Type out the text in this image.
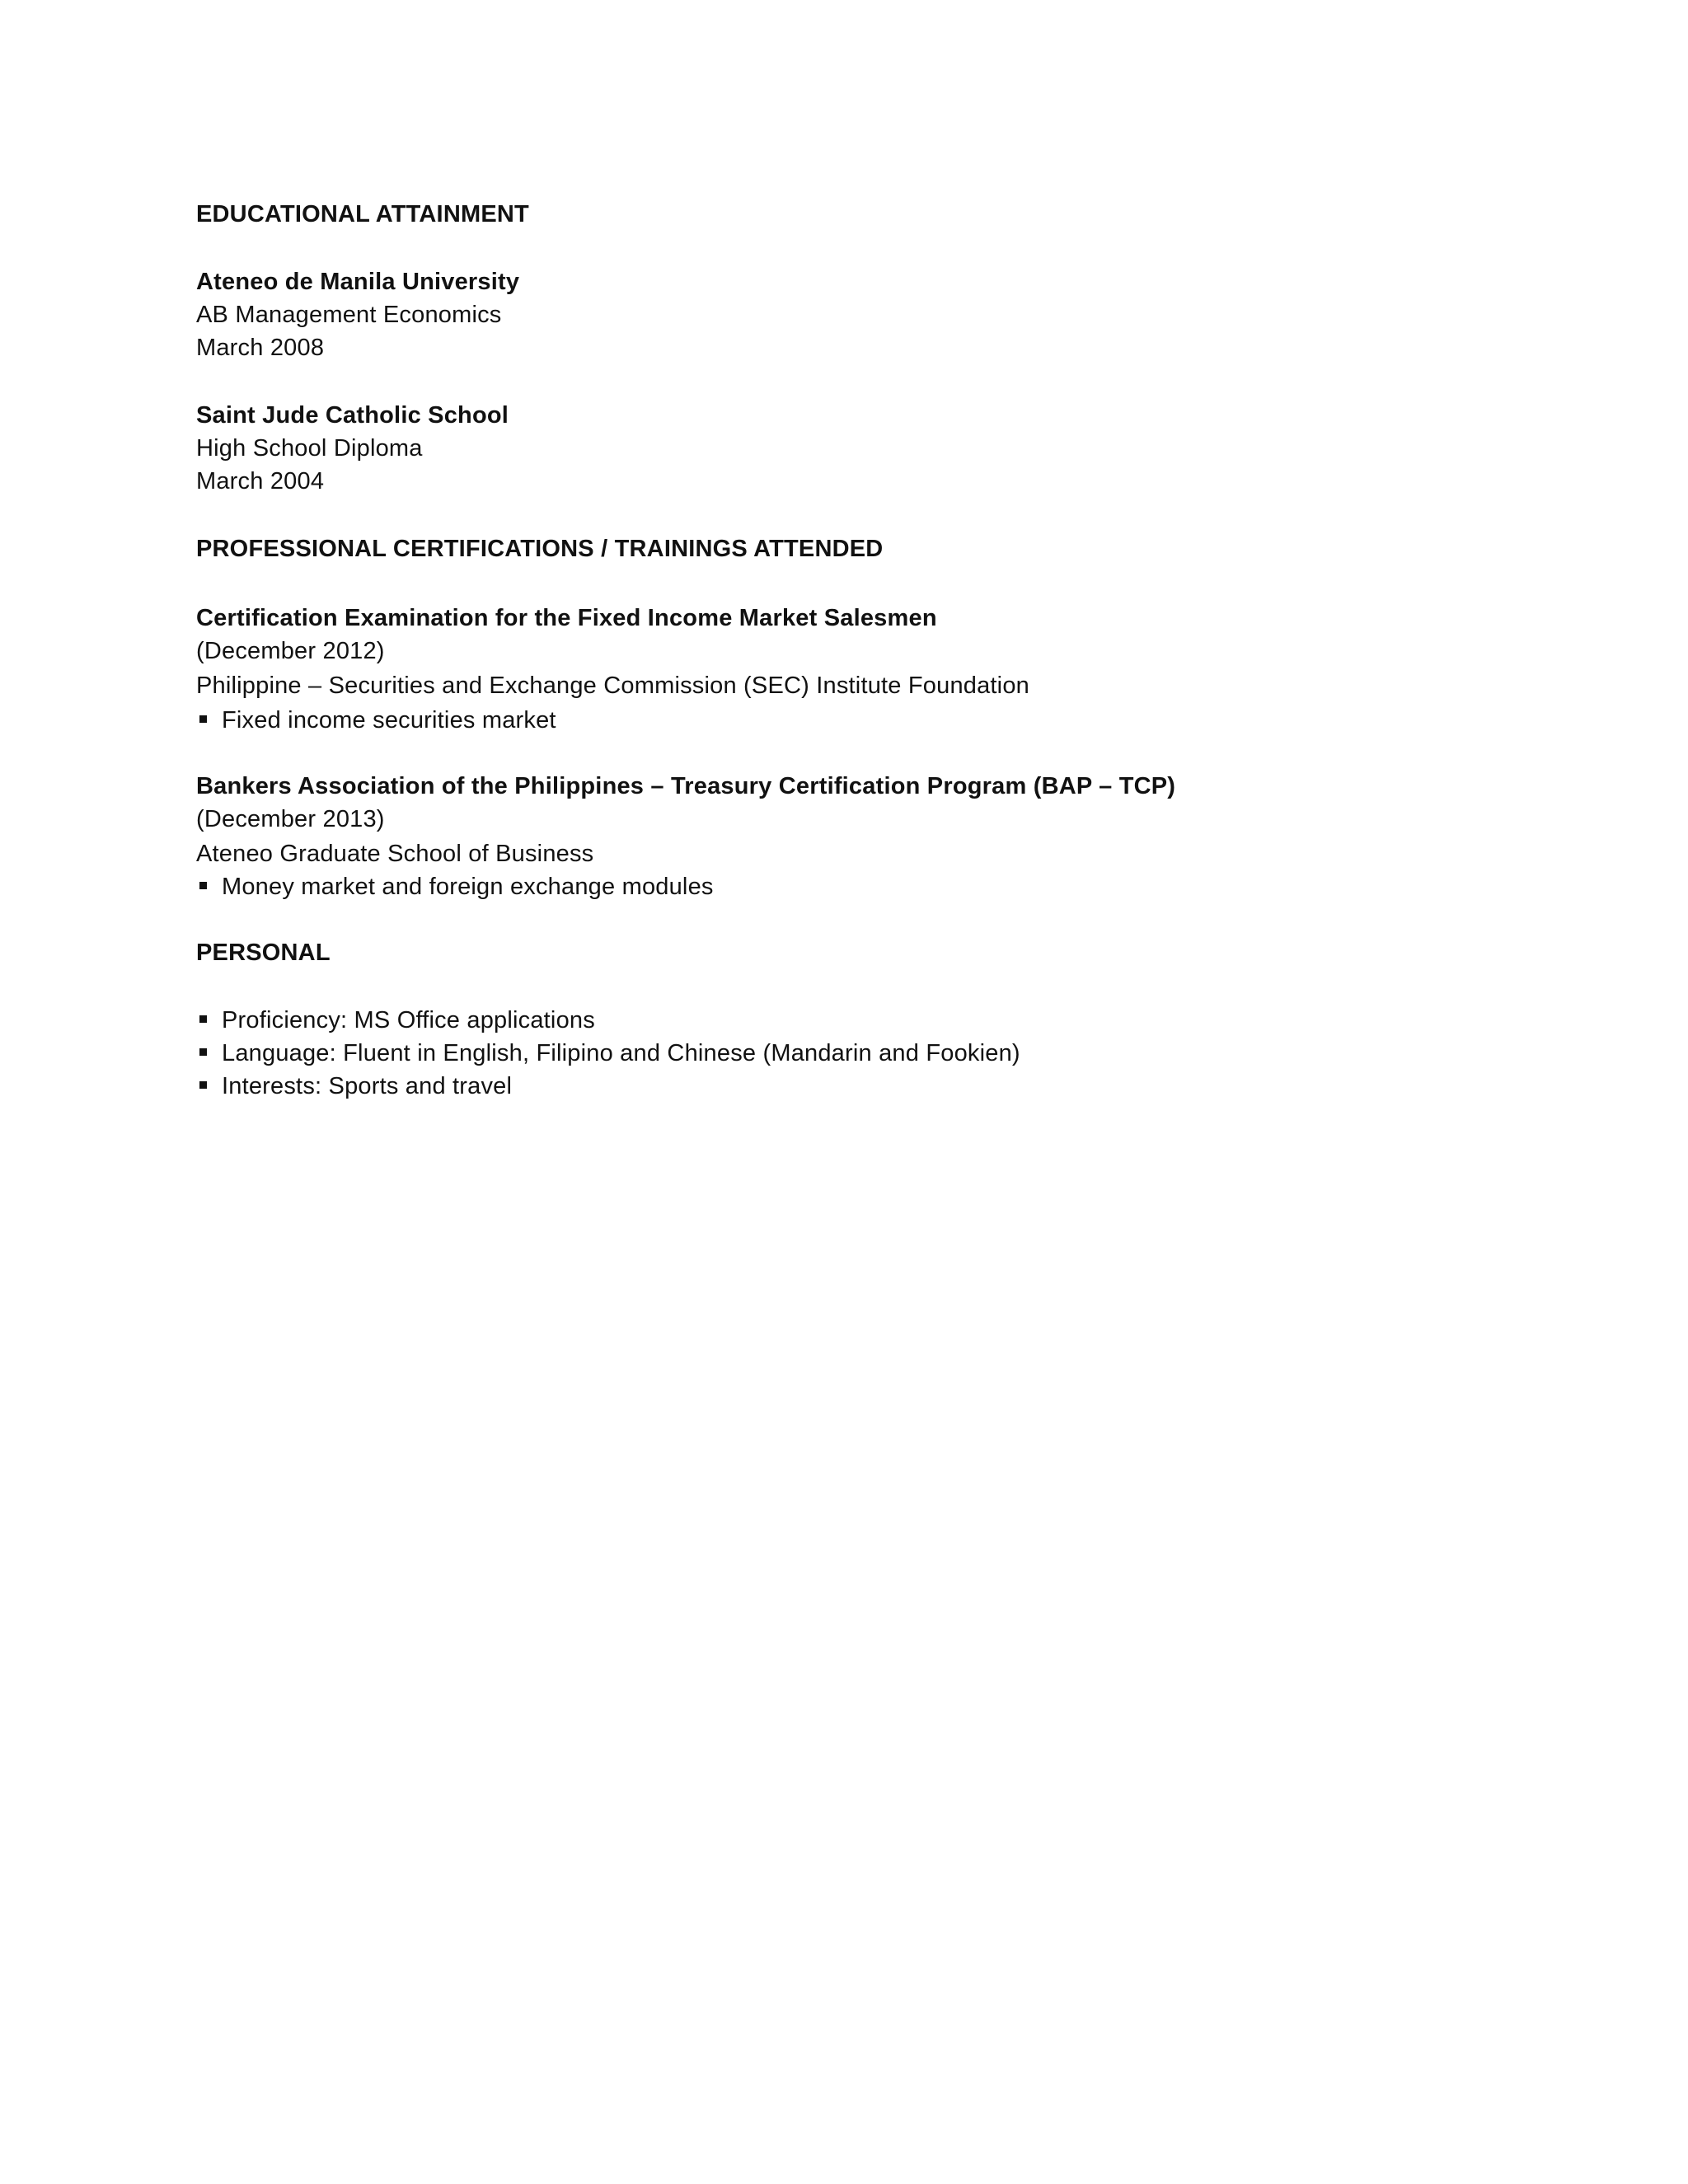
EDUCATIONAL ATTAINMENT
Ateneo de Manila University
AB Management Economics
March 2008
Saint Jude Catholic School
High School Diploma
March 2004
PROFESSIONAL CERTIFICATIONS / TRAININGS ATTENDED
Certification Examination for the Fixed Income Market Salesmen
(December 2012)
Philippine – Securities and Exchange Commission (SEC) Institute Foundation
Fixed income securities market
Bankers Association of the Philippines – Treasury Certification Program (BAP – TCP)
(December 2013)
Ateneo Graduate School of Business
Money market and foreign exchange modules
PERSONAL
Proficiency: MS Office applications
Language: Fluent in English, Filipino and Chinese (Mandarin and Fookien)
Interests: Sports and travel
